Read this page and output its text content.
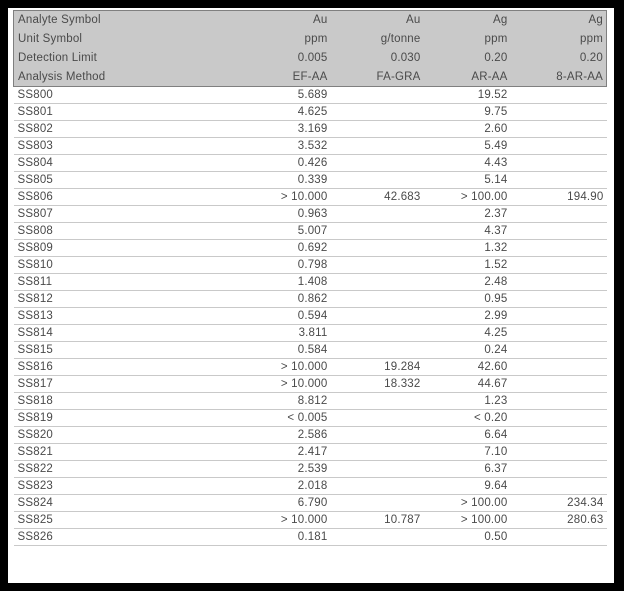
Analyte Symbol	Au	Au	Ag	Ag
Unit Symbol	ppm	g/tonne	ppm	ppm
Detection Limit	0.005	0.030	0.20	0.20
Analysis Method	EF-AA	FA-GRA	AR-AA	8-AR-AA
SS800	5.689		19.52	
SS801	4.625		9.75	
SS802	3.169		2.60	
SS803	3.532		5.49	
SS804	0.426		4.43	
SS805	0.339		5.14	
SS806	> 10.000	42.683	> 100.00	194.90
SS807	0.963		2.37	
SS808	5.007		4.37	
SS809	0.692		1.32	
SS810	0.798		1.52	
SS811	1.408		2.48	
SS812	0.862		0.95	
SS813	0.594		2.99	
SS814	3.811		4.25	
SS815	0.584		0.24	
SS816	> 10.000	19.284	42.60	
SS817	> 10.000	18.332	44.67	
SS818	8.812		1.23	
SS819	< 0.005		< 0.20	
SS820	2.586		6.64	
SS821	2.417		7.10	
SS822	2.539		6.37	
SS823	2.018		9.64	
SS824	6.790		> 100.00	234.34
SS825	> 10.000	10.787	> 100.00	280.63
SS826	0.181		0.50	
